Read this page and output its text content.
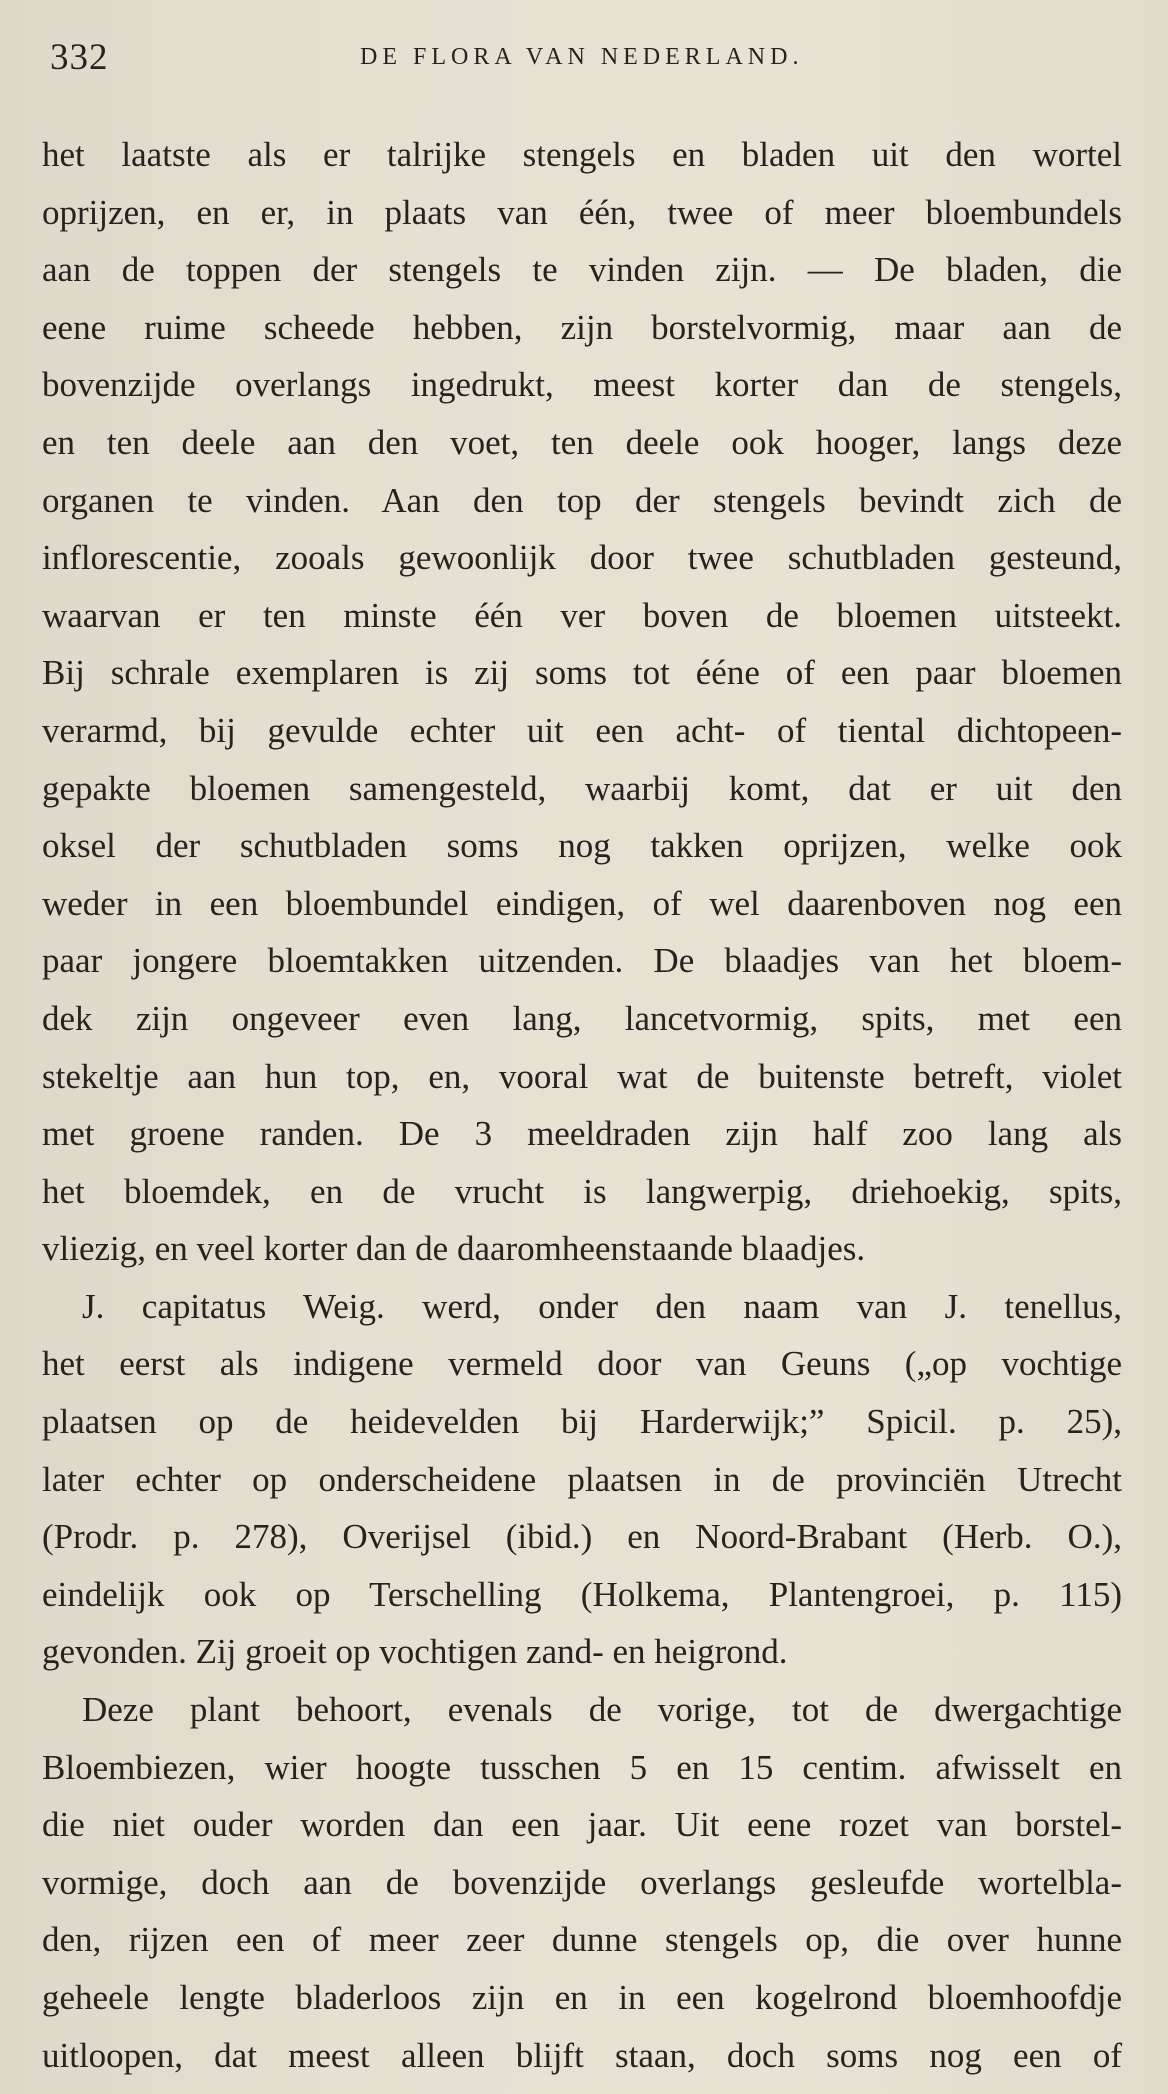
332	DE FLORA VAN NEDERLAND.
het laatste als er talrijke stengels en bladen uit den wortel
oprijzen, en er, in plaats van één, twee of meer bloembundels
aan de toppen der stengels te vinden zijn. — De bladen, die
eene ruime scheede hebben, zijn borstelvormig, maar aan de
bovenzijde overlangs ingedrukt, meest korter dan de stengels,
en ten deele aan den voet, ten deele ook hooger, langs deze
organen te vinden. Aan den top der stengels bevindt zich de
inflorescentie, zooals gewoonlijk door twee schutbladen gesteund,
waarvan er ten minste één ver boven de bloemen uitsteekt.
Bij schrale exemplaren is zij soms tot ééne of een paar bloemen
verarmd, bij gevulde echter uit een acht- of tiental dichtopeen-
gepakte bloemen samengesteld, waarbij komt, dat er uit den
oksel der schutbladen soms nog takken oprijzen, welke ook
weder in een bloembundel eindigen, of wel daarenboven nog een
paar jongere bloemtakken uitzenden. De blaadjes van het bloem-
dek zijn ongeveer even lang, lancetvormig, spits, met een
stekeltje aan hun top, en, vooral wat de buitenste betreft, violet
met groene randen. De 3 meeldraden zijn half zoo lang als
het bloemdek, en de vrucht is langwerpig, driehoekig, spits,
vliezig, en veel korter dan de daaromheenstaande blaadjes.
J. capitatus Weig. werd, onder den naam van J. tenellus,
het eerst als indigene vermeld door van Geuns („op vochtige
plaatsen op de heidevelden bij Harderwijk;” Spicil. p. 25),
later echter op onderscheidene plaatsen in de provinciën Utrecht
(Prodr. p. 278), Overijsel (ibid.) en Noord-Brabant (Herb. O.),
eindelijk ook op Terschelling (Holkema, Plantengroei, p. 115)
gevonden. Zij groeit op vochtigen zand- en heigrond.
Deze plant behoort, evenals de vorige, tot de dwergachtige
Bloembiezen, wier hoogte tusschen 5 en 15 centim. afwisselt en
die niet ouder worden dan een jaar. Uit eene rozet van borstel-
vormige, doch aan de bovenzijde overlangs gesleufde wortelbla-
den, rijzen een of meer zeer dunne stengels op, die over hunne
geheele lengte bladerloos zijn en in een kogelrond bloemhoofdje
uitloopen, dat meest alleen blijft staan, doch soms nog een of
